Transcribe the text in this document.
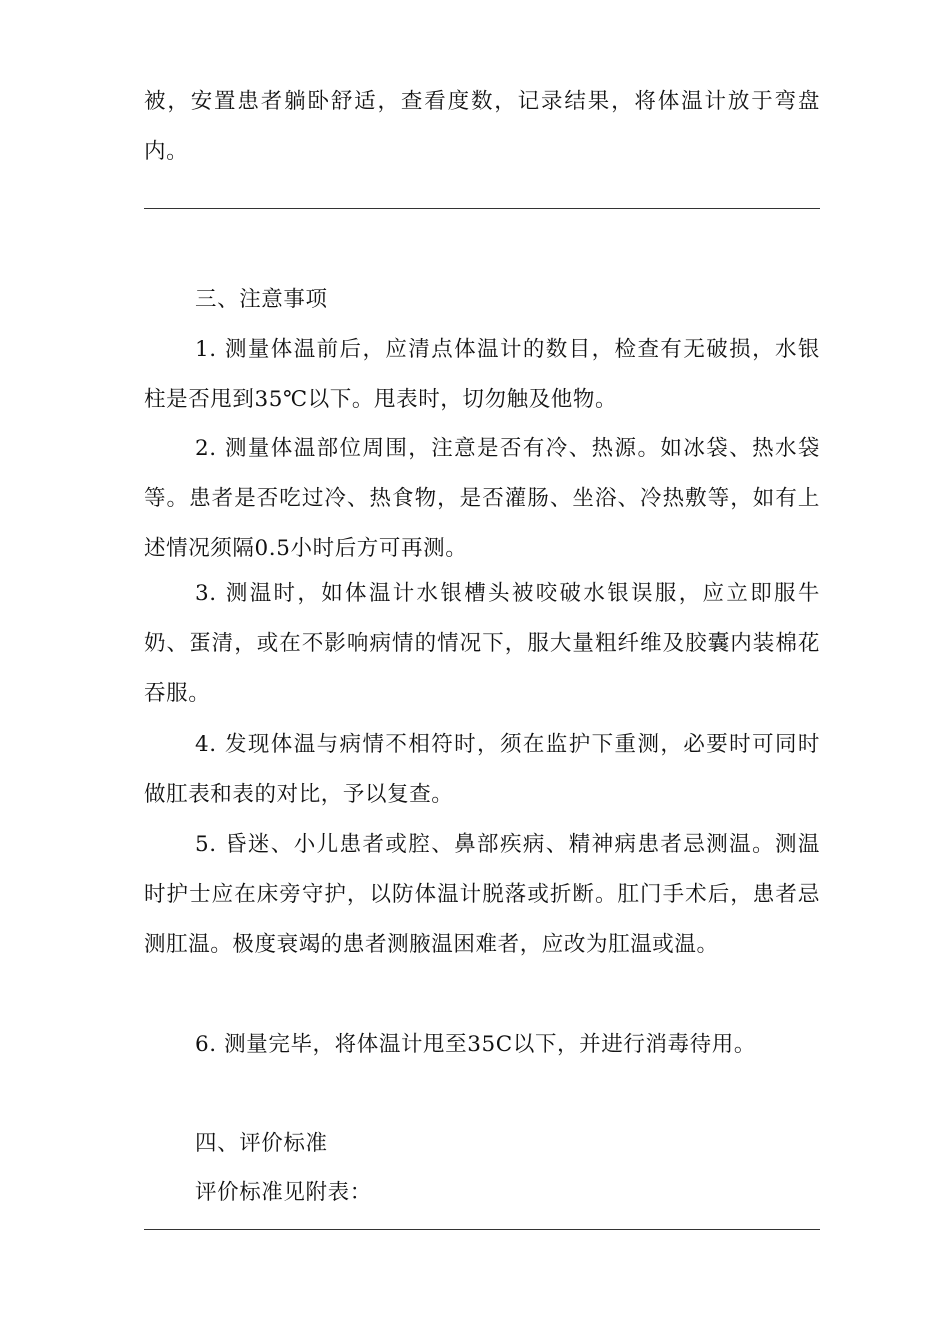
被，安置患者躺卧舒适，查看度数，记录结果，将体温计放于弯盘内。

三、注意事项

1. 测量体温前后，应清点体温计的数目，检查有无破损，水银柱是否甩到35℃以下。甩表时，切勿触及他物。

2. 测量体温部位周围，注意是否有冷、热源。如冰袋、热水袋等。患者是否吃过冷、热食物，是否灌肠、坐浴、冷热敷等，如有上述情况须隔0.5小时后方可再测。

3. 测温时，如体温计水银槽头被咬破水银误服，应立即服牛奶、蛋清，或在不影响病情的情况下，服大量粗纤维及胶囊内装棉花吞服。

4. 发现体温与病情不相符时，须在监护下重测，必要时可同时做肛表和表的对比，予以复查。

5. 昏迷、小儿患者或腔、鼻部疾病、精神病患者忌测温。测温时护士应在床旁守护，以防体温计脱落或折断。肛门手术后，患者忌测肛温。极度衰竭的患者测腋温困难者，应改为肛温或温。

6. 测量完毕，将体温计甩至35C以下，并进行消毒待用。

四、评价标准

评价标准见附表：
